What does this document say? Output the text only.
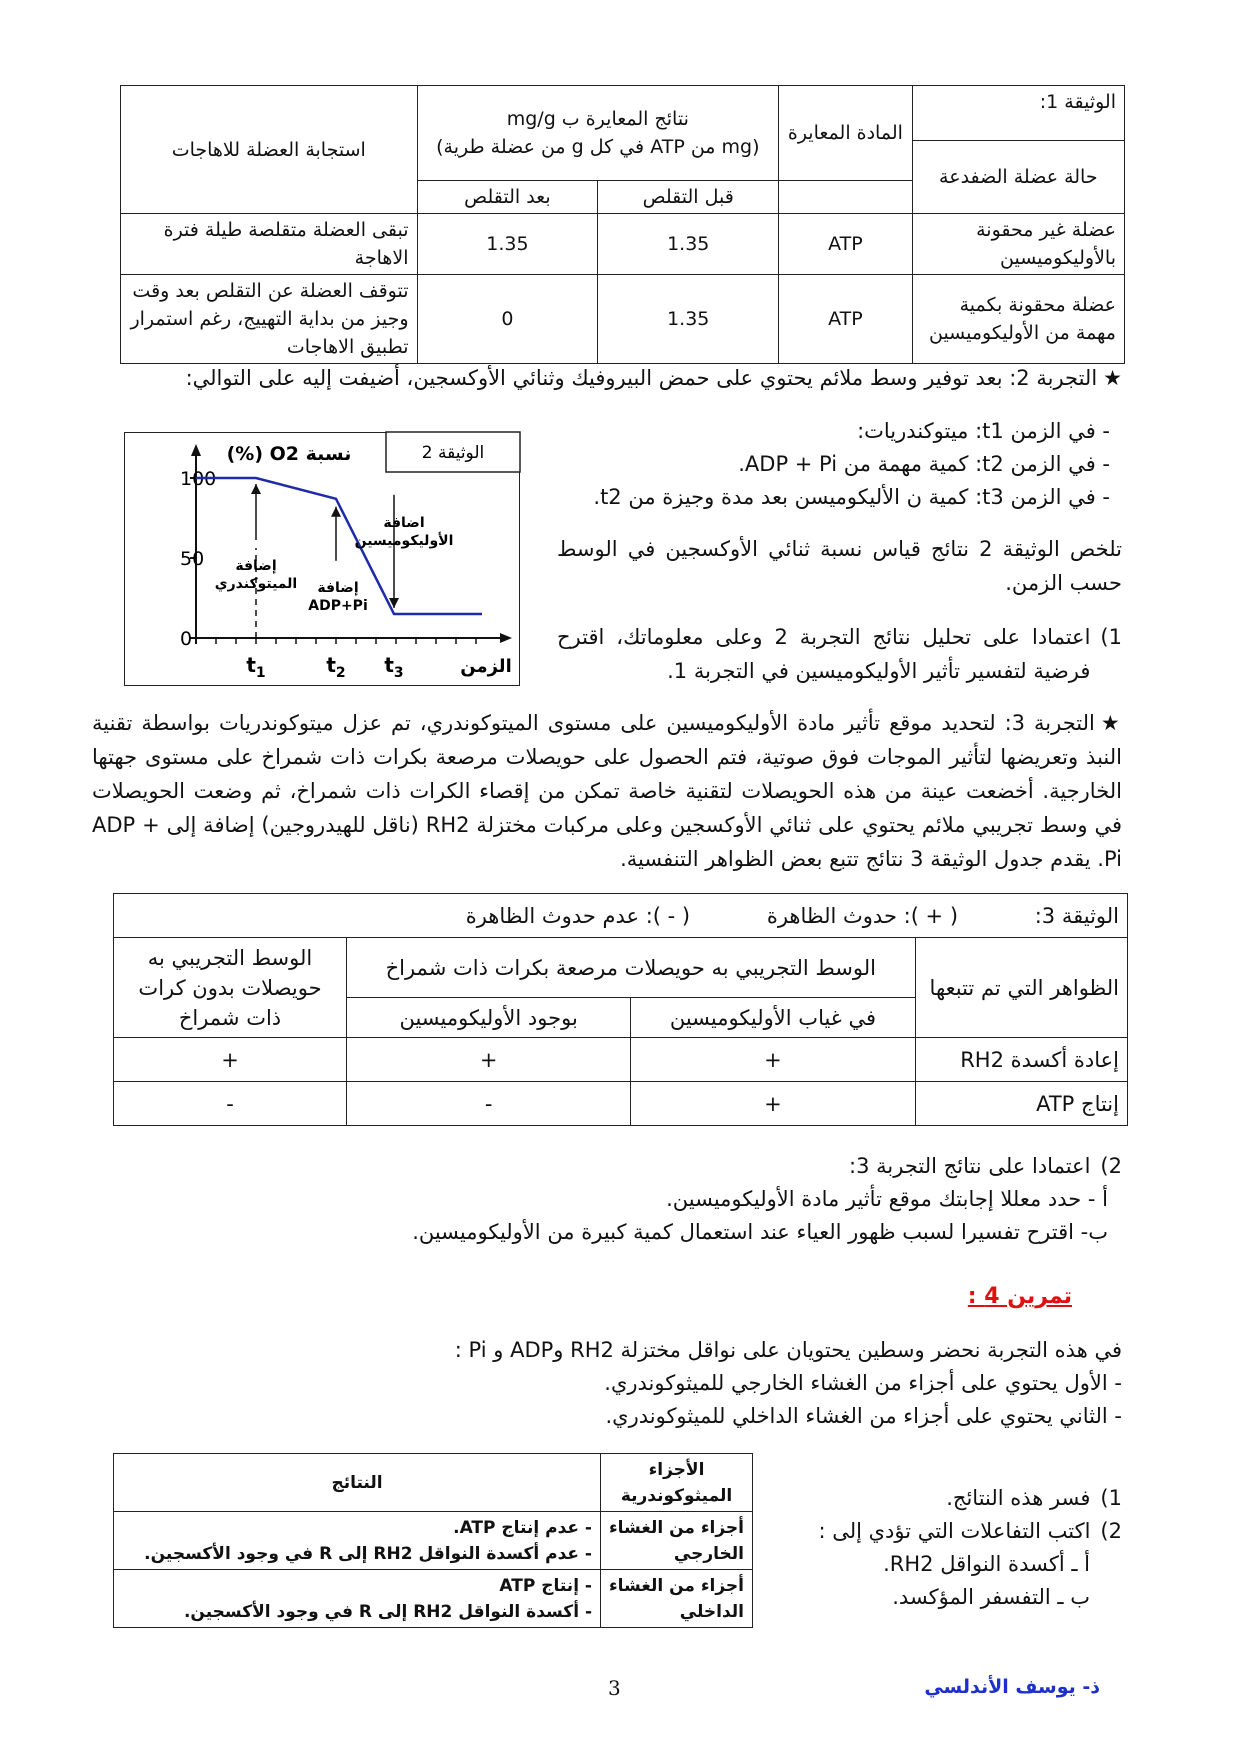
الوثيقة 1:	المادة المعايرة	نتائج المعايرة ب mg/g
(mg من ATP في كل g من عضلة طرية)		استجابة العضلة للاهاجات
حالة عضلة الضفدعة				
		قبل التقلص	بعد التقلص	
عضلة غير محقونة بالأوليكوميسين	ATP	1.35	1.35	تبقى العضلة متقلصة طيلة فترة الاهاجة
عضلة محقونة بكمية مهمة من الأوليكوميسين	ATP	1.35	0	تتوقف العضلة عن التقلص بعد وقت وجيز من بداية التهييج، رغم استمرار تطبيق الاهاجات
★التجربة 2: بعد توفير وسط ملائم يحتوي على حمض البيروفيك وثنائي الأوكسجين، أضيفت إليه على التوالي:
- في الزمن t1: ميتوكندريات:
- في الزمن t2: كمية مهمة من ADP + Pi.
- في الزمن t3: كمية ن الأليكوميسن بعد مدة وجيزة من t2.
تلخص الوثيقة 2 نتائج قياس نسبة ثنائي الأوكسجين في الوسط حسب الزمن.
1)
اعتمادا على تحليل نتائج التجربة 2 وعلى معلوماتك، اقترح فرضية لتفسير تأثير الأوليكوميسين في التجربة 1.
الوثيقة 2
نسبة O2 (%)
100
50
0
$t_1$	$t_2$ $t_3$	الزمن
إضافة الميتوكندري	إضافة ADP+Pi
اضافة الأوليكوميسين
★التجربة 3: لتحديد موقع تأثير مادة الأوليكوميسين على مستوى الميتوكوندري، تم عزل ميتوكوندريات بواسطة تقنية النبذ وتعريضها لتأثير الموجات فوق صوتية، فتم الحصول على حويصلات مرصعة بكرات ذات شمراخ على مستوى جهتها الخارجية. أخضعت عينة من هذه الحويصلات لتقنية خاصة تمكن من إقصاء الكرات ذات شمراخ، ثم وضعت الحويصلات في وسط تجريبي ملائم يحتوي على ثنائي الأوكسجين وعلى مركبات مختزلة RH2 (ناقل للهيدروجين) إضافة إلى ADP + Pi. يقدم جدول الوثيقة 3 نتائج تتبع بعض الظواهر التنفسية.
الوثيقة 3: ( + ): حدوث الظاهرة ( - ): عدم حدوث الظاهرة			
الظواهر التي تم تتبعها	الوسط التجريبي به حويصلات مرصعة بكرات ذات شمراخ		الوسط التجريبي به حويصلات بدون كرات ذات شمراخ
	في غياب الأوليكوميسين	بوجود الأوليكوميسين	
إعادة أكسدة RH2	+	+	+
إنتاج ATP	+	-	-
2)اعتمادا على نتائج التجربة 3:
أ - حدد معللا إجابتك موقع تأثير مادة الأوليكوميسين.
ب- اقترح تفسيرا لسبب ظهور العياء عند استعمال كمية كبيرة من الأوليكوميسين.
تمرين 4 :
في هذه التجربة نحضر وسطين يحتويان على نواقل مختزلة RH2 وADP و Pi :
- الأول يحتوي على أجزاء من الغشاء الخارجي للميثوكوندري.
- الثاني يحتوي على أجزاء من الغشاء الداخلي للميثوكوندري.
الأجزاء الميثوكوندرية	النتائج
أجزاء من الغشاء الخارجي	- عدم إنتاج ATP.
- عدم أكسدة النواقل RH2 إلى R في وجود الأكسجين.

أجزاء من الغشاء الداخلي	- إنتاج ATP
- أكسدة النواقل RH2 إلى R في وجود الأكسجين.
1)فسر هذه النتائج.
2)اكتب التفاعلات التي تؤدي إلى :
أ ـ أكسدة النواقل RH2.
ب ـ التفسفر المؤكسد.
3	ذ- يوسف الأندلسي
